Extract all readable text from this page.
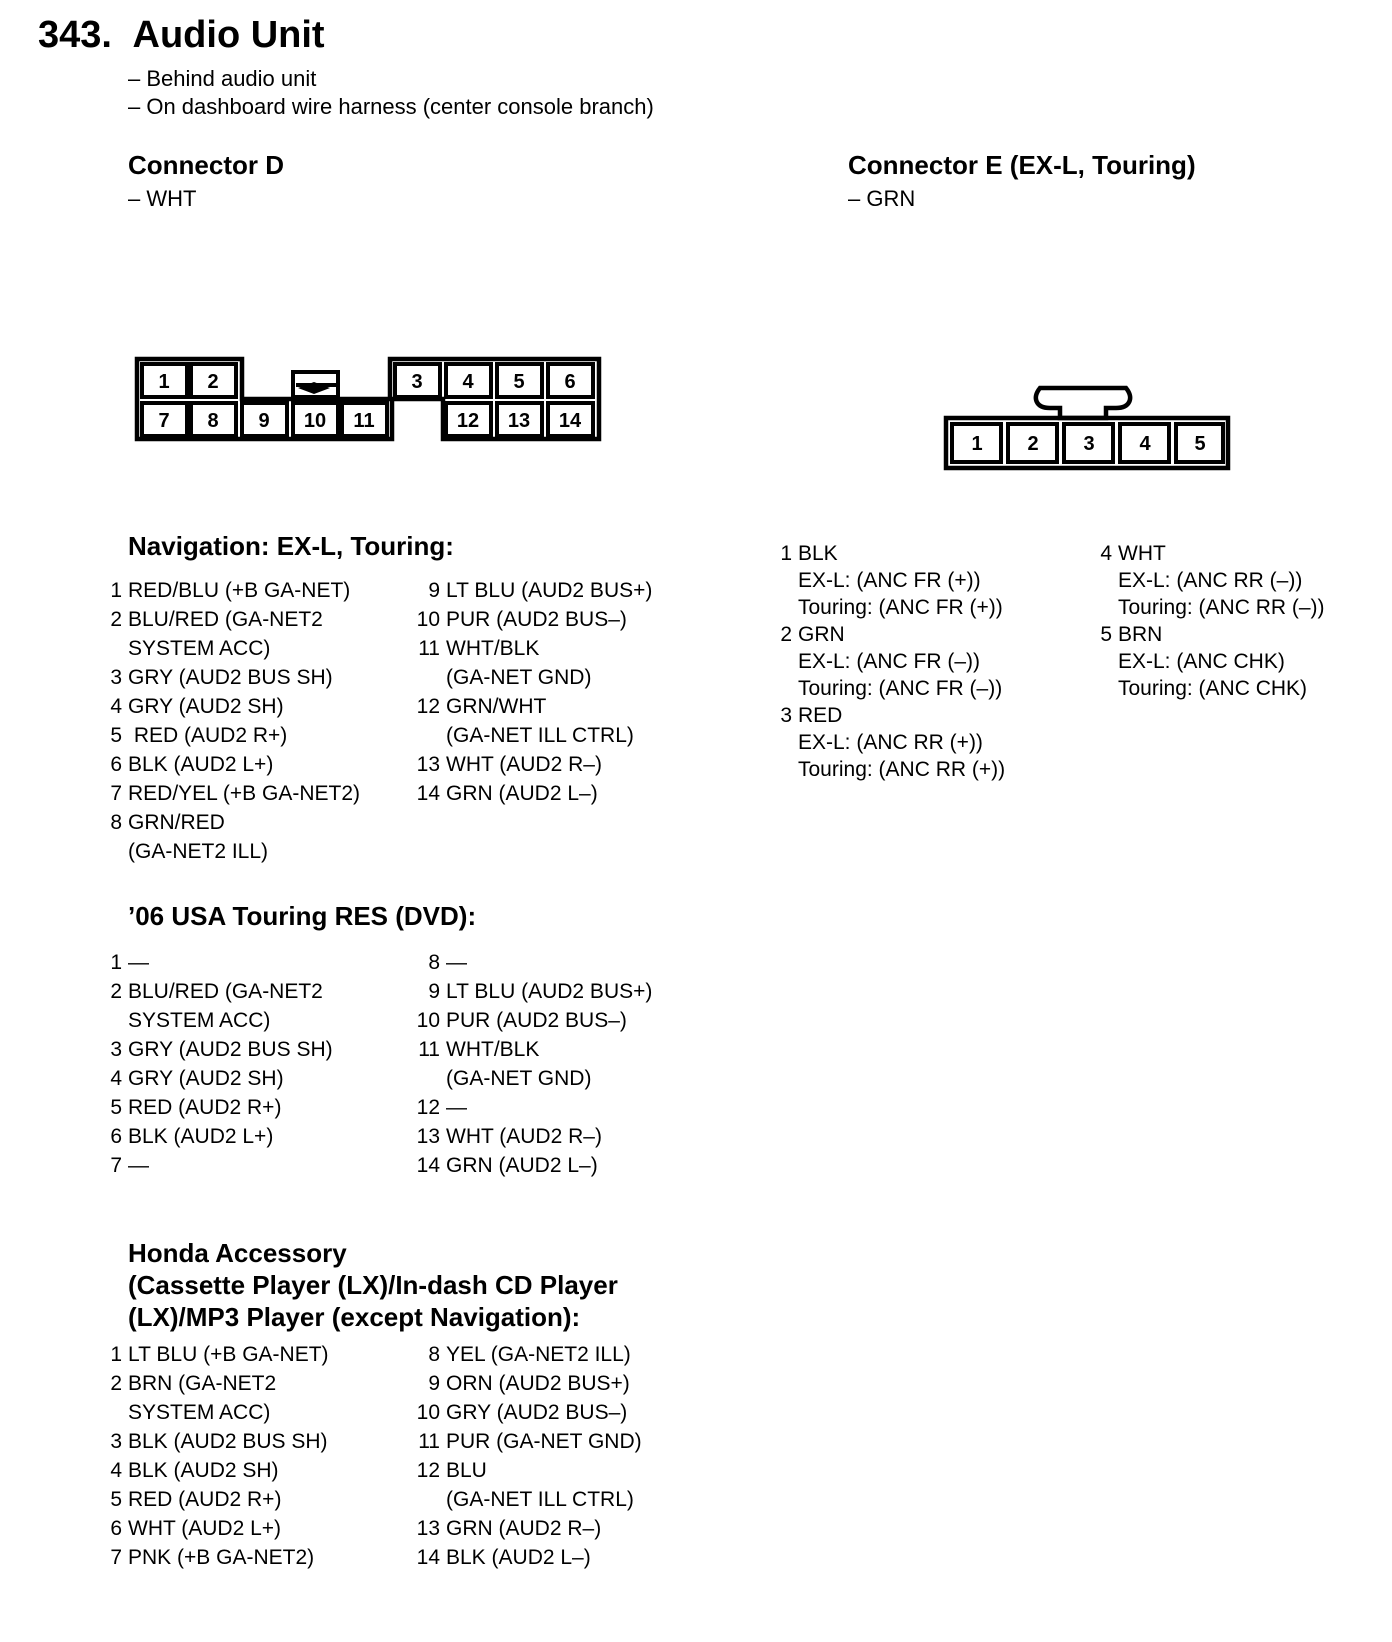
343. Audio Unit
– Behind audio unit
– On dashboard wire harness (center console branch)
Connector D
– WHT
Connector E (EX-L, Touring)
– GRN
1 2	3 4 5 6
7 8 9 10 11	12 13 14
1 2 3 4 5
1 BLK
EX-L: (ANC FR (+))
Touring: (ANC FR (+))
2 GRN
EX-L: (ANC FR (–))
Touring: (ANC FR (–))
3 RED
EX-L: (ANC RR (+))
Touring: (ANC RR (+))
4 WHT
EX-L: (ANC RR (–))
Touring: (ANC RR (–))
5 BRN
EX-L: (ANC CHK)
Touring: (ANC CHK)
Navigation: EX-L, Touring:
1 RED/BLU (+B GA-NET)
2 BLU/RED (GA-NET2
SYSTEM ACC)
3 GRY (AUD2 BUS SH)
4 GRY (AUD2 SH)
5 RED (AUD2 R+)
6 BLK (AUD2 L+)
7 RED/YEL (+B GA-NET2)
8 GRN/RED
(GA-NET2 ILL)
9 LT BLU (AUD2 BUS+)
10 PUR (AUD2 BUS–)
11 WHT/BLK
(GA-NET GND)
12 GRN/WHT
(GA-NET ILL CTRL)
13 WHT (AUD2 R–)
14 GRN (AUD2 L–)
’06 USA Touring RES (DVD):
1 —
2 BLU/RED (GA-NET2
SYSTEM ACC)
3 GRY (AUD2 BUS SH)
4 GRY (AUD2 SH)
5 RED (AUD2 R+)
6 BLK (AUD2 L+)
7 —
8 —
9 LT BLU (AUD2 BUS+)
10 PUR (AUD2 BUS–)
11 WHT/BLK
(GA-NET GND)
12 —
13 WHT (AUD2 R–)
14 GRN (AUD2 L–)
Honda Accessory
(Cassette Player (LX)/In-dash CD Player
(LX)/MP3 Player (except Navigation):
1 LT BLU (+B GA-NET)
2 BRN (GA-NET2
SYSTEM ACC)
3 BLK (AUD2 BUS SH)
4 BLK (AUD2 SH)
5 RED (AUD2 R+)
6 WHT (AUD2 L+)
7 PNK (+B GA-NET2)
8 YEL (GA-NET2 ILL)
9 ORN (AUD2 BUS+)
10 GRY (AUD2 BUS–)
11 PUR (GA-NET GND)
12 BLU
(GA-NET ILL CTRL)
13 GRN (AUD2 R–)
14 BLK (AUD2 L–)
